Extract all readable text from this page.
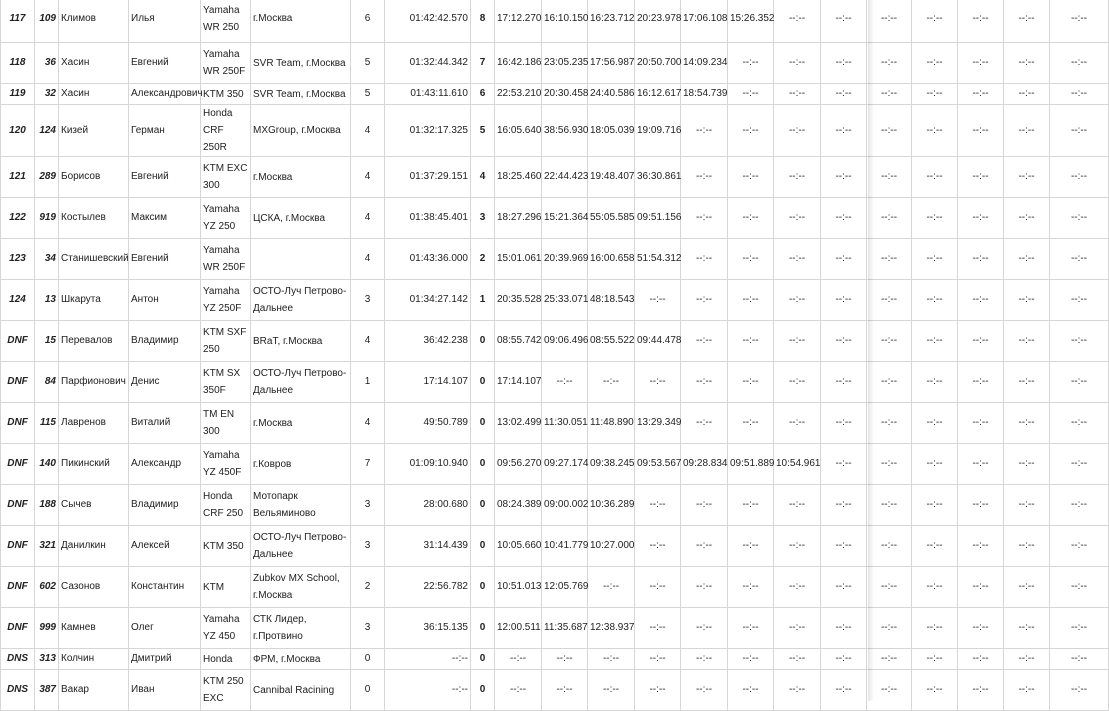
117	109	Климов	Илья	Yamaha WR 250	г.Москва	6	01:42:42.570	8	17:12.270	16:10.150	16:23.712	20:23.978	17:06.108	15:26.352	--:--	--:--	--:--	--:--	--:--	--:--	--:--
118	36	Хасин	Евгений	Yamaha WR 250F	SVR Team, г.Москва	5	01:32:44.342	7	16:42.186	23:05.235	17:56.987	20:50.700	14:09.234	--:--	--:--	--:--	--:--	--:--	--:--	--:--	--:--
119	32	Хасин	Александрович	KTM 350	SVR Team, г.Москва	5	01:43:11.610	6	22:53.210	20:30.458	24:40.586	16:12.617	18:54.739	--:--	--:--	--:--	--:--	--:--	--:--	--:--	--:--
120	124	Кизей	Герман	Honda CRF 250R	MXGroup, г.Москва	4	01:32:17.325	5	16:05.640	38:56.930	18:05.039	19:09.716	--:--	--:--	--:--	--:--	--:--	--:--	--:--	--:--	--:--
121	289	Борисов	Евгений	KTM EXC 300	г.Москва	4	01:37:29.151	4	18:25.460	22:44.423	19:48.407	36:30.861	--:--	--:--	--:--	--:--	--:--	--:--	--:--	--:--	--:--
122	919	Костылев	Максим	Yamaha YZ 250	ЦСКА, г.Москва	4	01:38:45.401	3	18:27.296	15:21.364	55:05.585	09:51.156	--:--	--:--	--:--	--:--	--:--	--:--	--:--	--:--	--:--
123	34	Станишевский	Евгений	Yamaha WR 250F		4	01:43:36.000	2	15:01.061	20:39.969	16:00.658	51:54.312	--:--	--:--	--:--	--:--	--:--	--:--	--:--	--:--	--:--
124	13	Шкарута	Антон	Yamaha YZ 250F	ОСТО-Луч Петрово-Дальнее	3	01:34:27.142	1	20:35.528	25:33.071	48:18.543	--:--	--:--	--:--	--:--	--:--	--:--	--:--	--:--	--:--	--:--
DNF	15	Перевалов	Владимир	KTM SXF 250	BRaT, г.Москва	4	36:42.238	0	08:55.742	09:06.496	08:55.522	09:44.478	--:--	--:--	--:--	--:--	--:--	--:--	--:--	--:--	--:--
DNF	84	Парфионович	Денис	KTM SX 350F	ОСТО-Луч Петрово-Дальнее	1	17:14.107	0	17:14.107	--:--	--:--	--:--	--:--	--:--	--:--	--:--	--:--	--:--	--:--	--:--	--:--
DNF	115	Лавренов	Виталий	TM EN 300	г.Москва	4	49:50.789	0	13:02.499	11:30.051	11:48.890	13:29.349	--:--	--:--	--:--	--:--	--:--	--:--	--:--	--:--	--:--
DNF	140	Пикинский	Александр	Yamaha YZ 450F	г.Ковров	7	01:09:10.940	0	09:56.270	09:27.174	09:38.245	09:53.567	09:28.834	09:51.889	10:54.961	--:--	--:--	--:--	--:--	--:--	--:--
DNF	188	Сычев	Владимир	Honda CRF 250	Мотопарк Вельяминово	3	28:00.680	0	08:24.389	09:00.002	10:36.289	--:--	--:--	--:--	--:--	--:--	--:--	--:--	--:--	--:--	--:--
DNF	321	Данилкин	Алексей	KTM 350	ОСТО-Луч Петрово-Дальнее	3	31:14.439	0	10:05.660	10:41.779	10:27.000	--:--	--:--	--:--	--:--	--:--	--:--	--:--	--:--	--:--	--:--
DNF	602	Сазонов	Константин	KTM	Zubkov MX School, г.Москва	2	22:56.782	0	10:51.013	12:05.769	--:--	--:--	--:--	--:--	--:--	--:--	--:--	--:--	--:--	--:--	--:--
DNF	999	Камнев	Олег	Yamaha YZ 450	СТК Лидер, г.Протвино	3	36:15.135	0	12:00.511	11:35.687	12:38.937	--:--	--:--	--:--	--:--	--:--	--:--	--:--	--:--	--:--	--:--
DNS	313	Колчин	Дмитрий	Honda	ФРМ, г.Москва	0	--:--	0	--:--	--:--	--:--	--:--	--:--	--:--	--:--	--:--	--:--	--:--	--:--	--:--	--:--
DNS	387	Вакар	Иван	KTM 250 EXC	Cannibal Racining	0	--:--	0	--:--	--:--	--:--	--:--	--:--	--:--	--:--	--:--	--:--	--:--	--:--	--:--	--:--
